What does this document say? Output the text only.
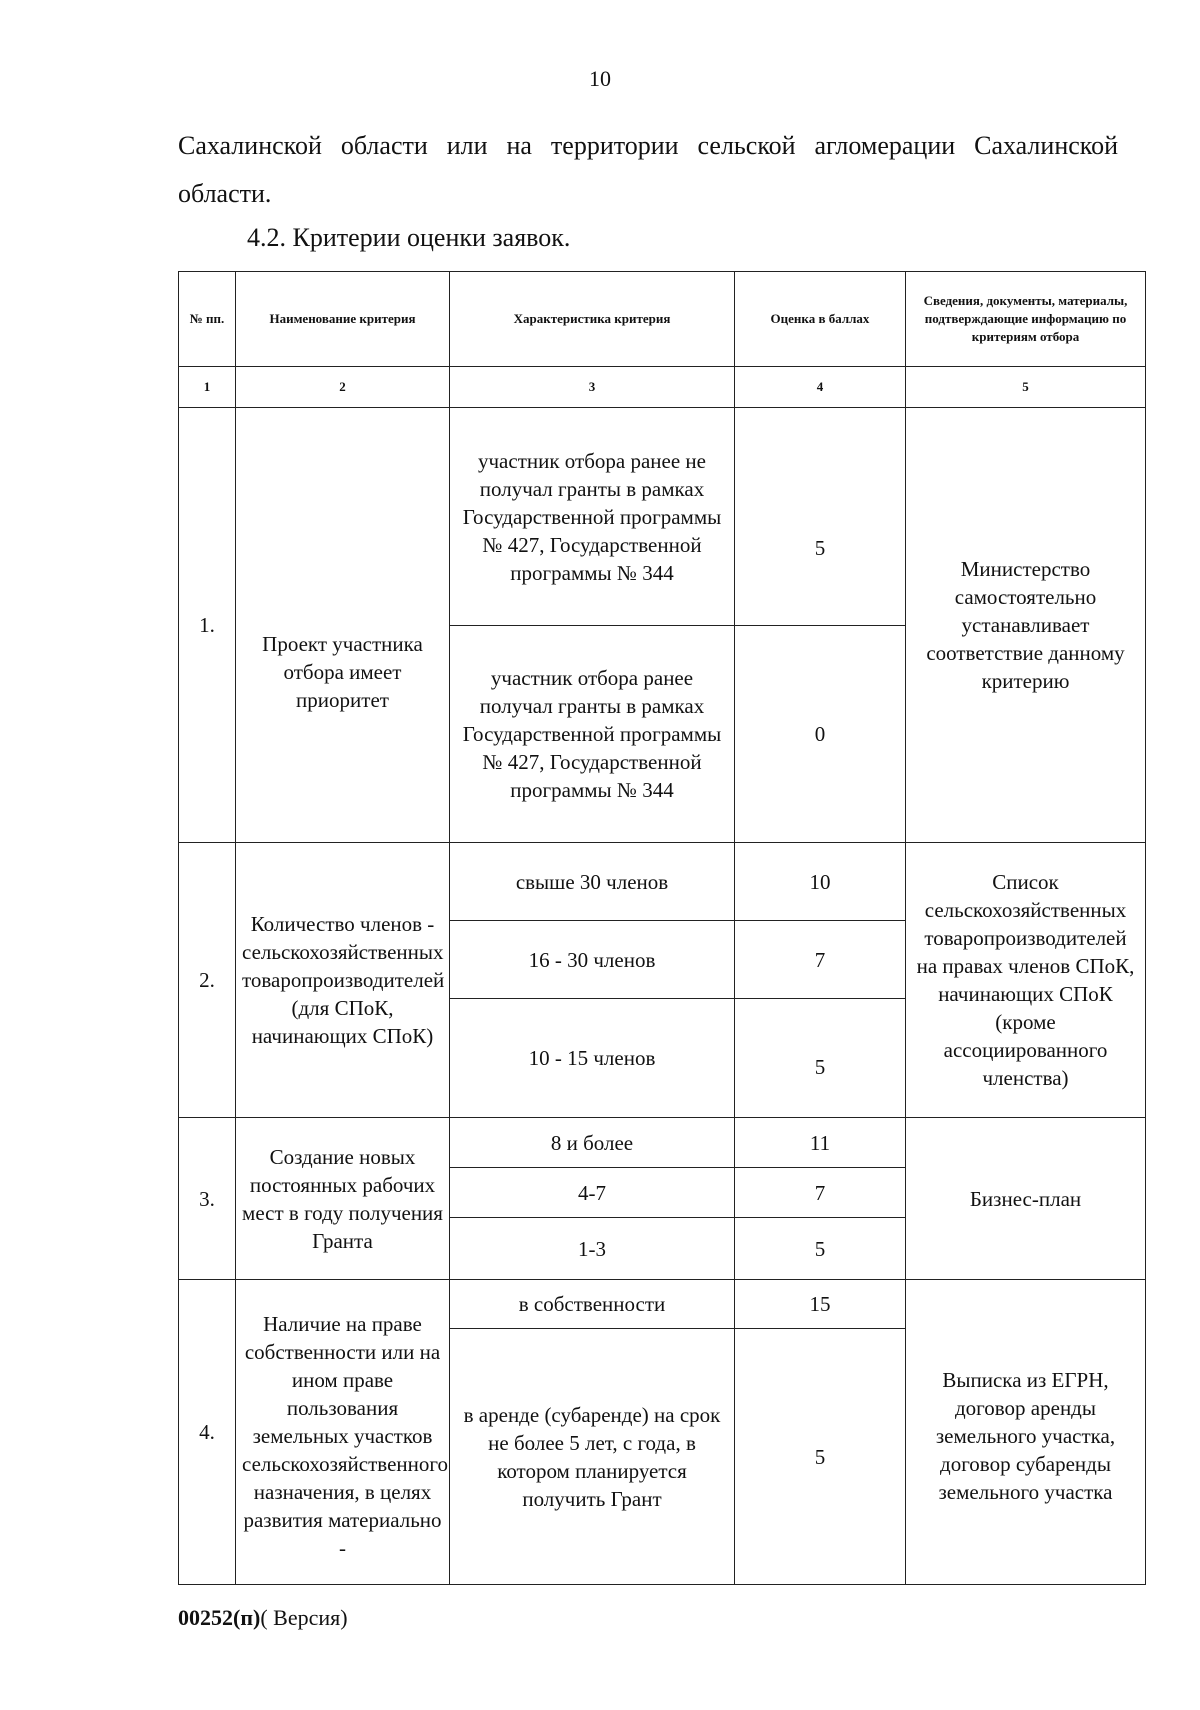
10

Сахалинской области или на территории сельской агломерации Сахалинской области.

4.2. Критерии оценки заявок.
№ пп.	Наименование критерия	Характеристика критерия	Оценка в баллах	Сведения, документы, материалы, подтверждающие информацию по критериям отбора
1	2	3	4	5
1.	Проект участника отбора имеет приоритет	участник отбора ранее не получал гранты в рамках Государственной программы № 427, Государственной программы № 344	5	Министерство самостоятельно устанавливает соответствие данному критерию
		участник отбора ранее получал гранты в рамках Государственной программы № 427, Государственной программы № 344	0	
2.	Количество членов - сельскохозяйственных товаропроизводителей (для СПоК, начинающих СПоК)	свыше 30 членов	10	Список сельскохозяйственных товаропроизводителей на правах членов СПоК, начинающих СПоК (кроме ассоциированного членства)
		16 - 30 членов	7	
		10 - 15 членов	5	
3.	Создание новых постоянных рабочих мест в году получения Гранта	8 и более	11	Бизнес-план
		4-7	7	
		1-3	5	
4.	Наличие на праве собственности или на ином праве пользования земельных участков сельскохозяйственного назначения, в целях развития материально -	в собственности	15	Выписка из ЕГРН, договор аренды земельного участка, договор субаренды земельного участка
		в аренде (субаренде) на срок не более 5 лет, с года, в котором планируется получить Грант	5	
00252(п)( Версия)
